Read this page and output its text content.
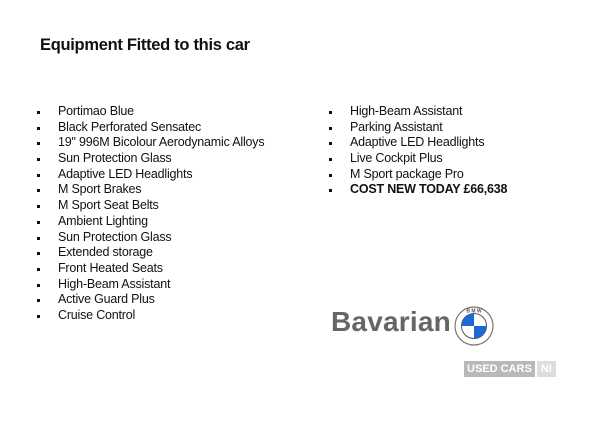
Equipment Fitted to this car
Portimao Blue
Black Perforated Sensatec
19" 996M Bicolour Aerodynamic Alloys
Sun Protection Glass
Adaptive LED Headlights
M Sport Brakes
M Sport Seat Belts
Ambient Lighting
Sun Protection Glass
Extended storage
Front Heated Seats
High-Beam Assistant
Active Guard Plus
Cruise Control
High-Beam Assistant
Parking Assistant
Adaptive LED Headlights
Live Cockpit Plus
M Sport package Pro
COST NEW TODAY £66,638
Bavarian	B M W
USED CARS NI
